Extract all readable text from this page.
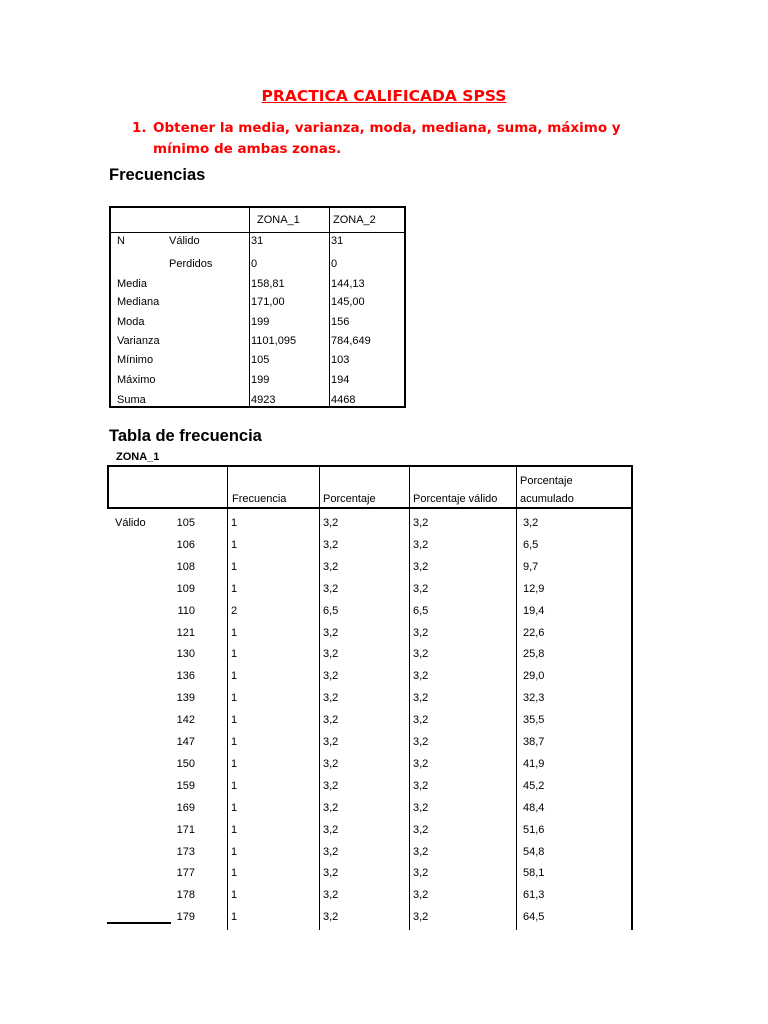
PRACTICA CALIFICADA SPSS
1. Obtener la media, varianza, moda, mediana, suma, máximo y mínimo de ambas zonas.
Frecuencias
ZONA_1	ZONA_2
N	Válido	31	31
Perdidos	0	0
Media	158,81	144,13
Mediana	171,00	145,00
Moda	199	156
Varianza	1101,095	784,649
Mínimo	105	103
Máximo	199	194
Suma	4923	4468
Tabla de frecuencia
ZONA_1
Frecuencia	Porcentaje	Porcentaje válido
Porcentaje
acumulado
Válido	105	1	3,2	3,2	3,2
106	1	3,2	3,2	6,5
108	1	3,2	3,2	9,7
109	1	3,2	3,2	12,9
110	2	6,5	6,5	19,4
121	1	3,2	3,2	22,6
130	1	3,2	3,2	25,8
136	1	3,2	3,2	29,0
139	1	3,2	3,2	32,3
142	1	3,2	3,2	35,5
147	1	3,2	3,2	38,7
150	1	3,2	3,2	41,9
159	1	3,2	3,2	45,2
169	1	3,2	3,2	48,4
171	1	3,2	3,2	51,6
173	1	3,2	3,2	54,8
177	1	3,2	3,2	58,1
178	1	3,2	3,2	61,3
179	1	3,2	3,2	64,5
